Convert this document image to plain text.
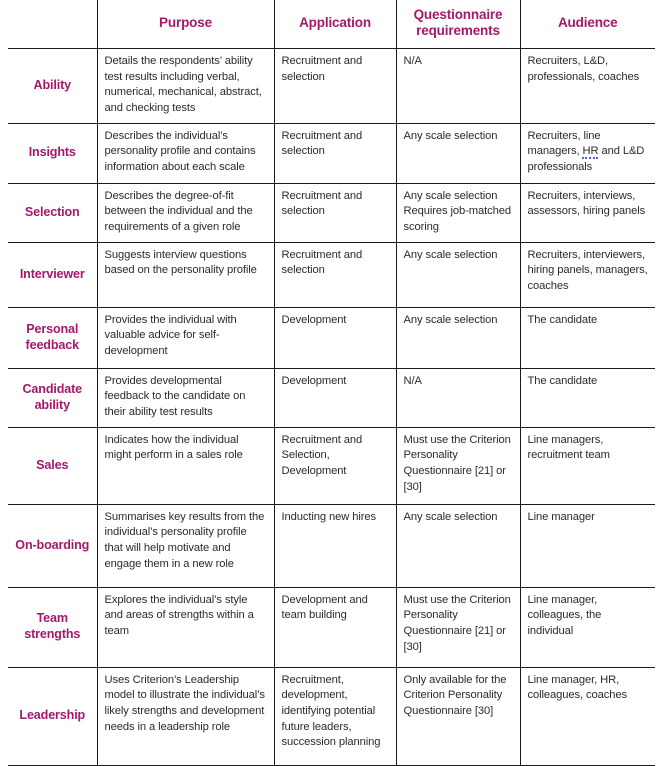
	Purpose	Application	Questionnaire requirements	Audience
Ability	Details the respondents’ ability test results including verbal, numerical, mechanical, abstract, and checking tests	Recruitment and selection	N/A	Recruiters, L&D, professionals, coaches
Insights	Describes the individual’s personality profile and contains information about each scale	Recruitment and selection	Any scale selection	Recruiters, line managers, HR and L&D professionals
Selection	Describes the degree-of-fit between the individual and the requirements of a given role	Recruitment and selection	Any scale selection Requires job-matched scoring	Recruiters, interviews, assessors, hiring panels
Interviewer	Suggests interview questions based on the personality profile	Recruitment and selection	Any scale selection	Recruiters, interviewers, hiring panels, managers, coaches
Personal feedback	Provides the individual with valuable advice for self-development	Development	Any scale selection	The candidate
Candidate ability	Provides developmental feedback to the candidate on their ability test results	Development	N/A	The candidate
Sales	Indicates how the individual might perform in a sales role	Recruitment and Selection, Development	Must use the Criterion Personality Questionnaire [21] or [30]	Line managers, recruitment team
On-boarding	Summarises key results from the individual’s personality profile that will help motivate and engage them in a new role	Inducting new hires	Any scale selection	Line manager
Team strengths	Explores the individual’s style and areas of strengths within a team	Development and team building	Must use the Criterion Personality Questionnaire [21] or [30]	Line manager, colleagues, the individual
Leadership	Uses Criterion’s Leadership model to illustrate the individual’s likely strengths and development needs in a leadership role	Recruitment, development, identifying potential future leaders, succession planning	Only available for the Criterion Personality Questionnaire [30]	Line manager, HR, colleagues, coaches
